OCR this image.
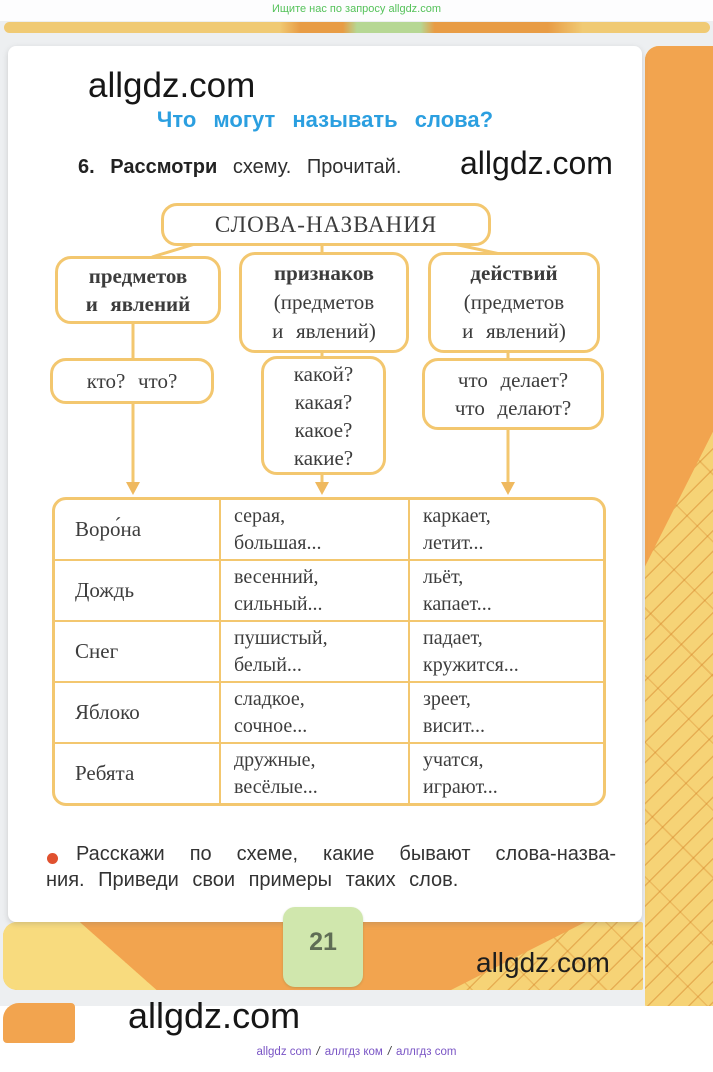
Ищите нас по запросу allgdz.com
allgdz.com
allgdz.com
allgdz.com
allgdz.com
Что могут называть слова?
6. Рассмотри схему. Прочитай.
СЛОВА-НАЗВАНИЯ
предметов
и явлений
признаков
(предметов
и явлений)
действий
(предметов
и явлений)
кто? что?	какой?
какая?
какое?
какие?
что делает?
что делают?
Воро́на
серая,
большая...
каркает,
летит...
Дождь
весенний,
сильный...
льёт,
капает...
Снег
пушистый,
белый...
падает,
кружится...
Яблоко
сладкое,
сочное...
зреет,
висит...
Ребята
дружные,
весёлые...
учатся,
играют...
Расскажи по схеме, какие бывают слова-назва-
ния. Приведи свои примеры таких слов.
21
allgdz com / аллгдз ком / аллгдз com
